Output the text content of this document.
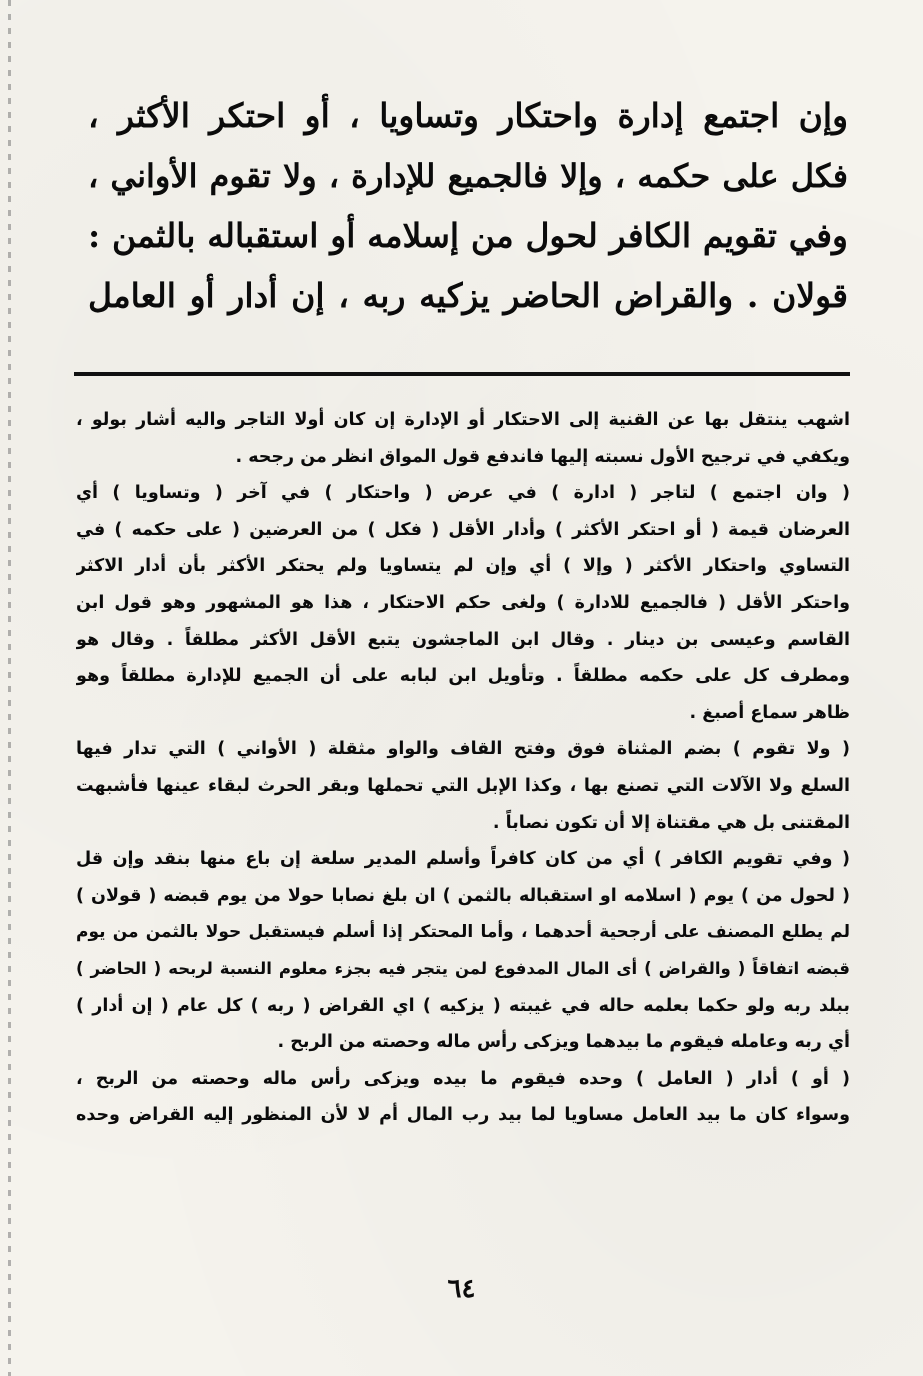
وإن اجتمع إدارة واحتكار وتساويا ، أو احتكر الأكثر ،
فكل على حكمه ، وإلا فالجميع للإدارة ، ولا تقوم الأواني ،
وفي تقويم الكافر لحول من إسلامه أو استقباله بالثمن :
قولان . والقراض الحاضر يزكيه ربه ، إن أدار أو العامل
اشهب ينتقل بها عن القنية إلى الاحتكار أو الإدارة إن كان أولا التاجر واليه أشار بولو ،
ويكفي في ترجيح الأول نسبته إليها فاندفع قول المواق انظر من رجحه .
( وان اجتمع ) لتاجر ( ادارة ) في عرض ( واحتكار ) في آخر ( وتساويا ) أي
العرضان قيمة ( أو احتكر الأكثر ) وأدار الأقل ( فكل ) من العرضين ( على حكمه ) في
التساوي واحتكار الأكثر ( وإلا ) أي وإن لم يتساويا ولم يحتكر الأكثر بأن أدار الاكثر
واحتكر الأقل ( فالجميع للادارة ) ولغى حكم الاحتكار ، هذا هو المشهور وهو قول ابن
القاسم وعيسى بن دينار . وقال ابن الماجشون يتبع الأقل الأكثر مطلقاً . وقال هو
ومطرف كل على حكمه مطلقاً . وتأويل ابن لبابه على أن الجميع للإدارة مطلقاً وهو
ظاهر سماع أصبغ .
( ولا تقوم ) بضم المثناة فوق وفتح القاف والواو مثقلة ( الأواني ) التي تدار فيها
السلع ولا الآلات التي تصنع بها ، وكذا الإبل التي تحملها وبقر الحرث لبقاء عينها فأشبهت
المقتنى بل هي مقتناة إلا أن تكون نصاباً .
( وفي تقويم الكافر ) أي من كان كافراً وأسلم المدير سلعة إن باع منها بنقد وإن قل
( لحول من ) يوم ( اسلامه او استقباله بالثمن ) ان بلغ نصابا حولا من يوم قبضه ( قولان )
لم يطلع المصنف على أرجحية أحدهما ، وأما المحتكر إذا أسلم فيستقبل حولا بالثمن من يوم
قبضه اتفاقاً ( والقراض ) أى المال المدفوع لمن يتجر فيه بجزء معلوم النسبة لربحه ( الحاضر )
ببلد ربه ولو حكما بعلمه حاله في غيبته ( يزكيه ) اي القراض ( ربه ) كل عام ( إن أدار )
أي ربه وعامله فيقوم ما بيدهما ويزكى رأس ماله وحصته من الربح .
( أو ) أدار ( العامل ) وحده فيقوم ما بيده ويزكى رأس ماله وحصته من الربح ،
وسواء كان ما بيد العامل مساويا لما بيد رب المال أم لا لأن المنظور إليه القراض وحده
٦٤
